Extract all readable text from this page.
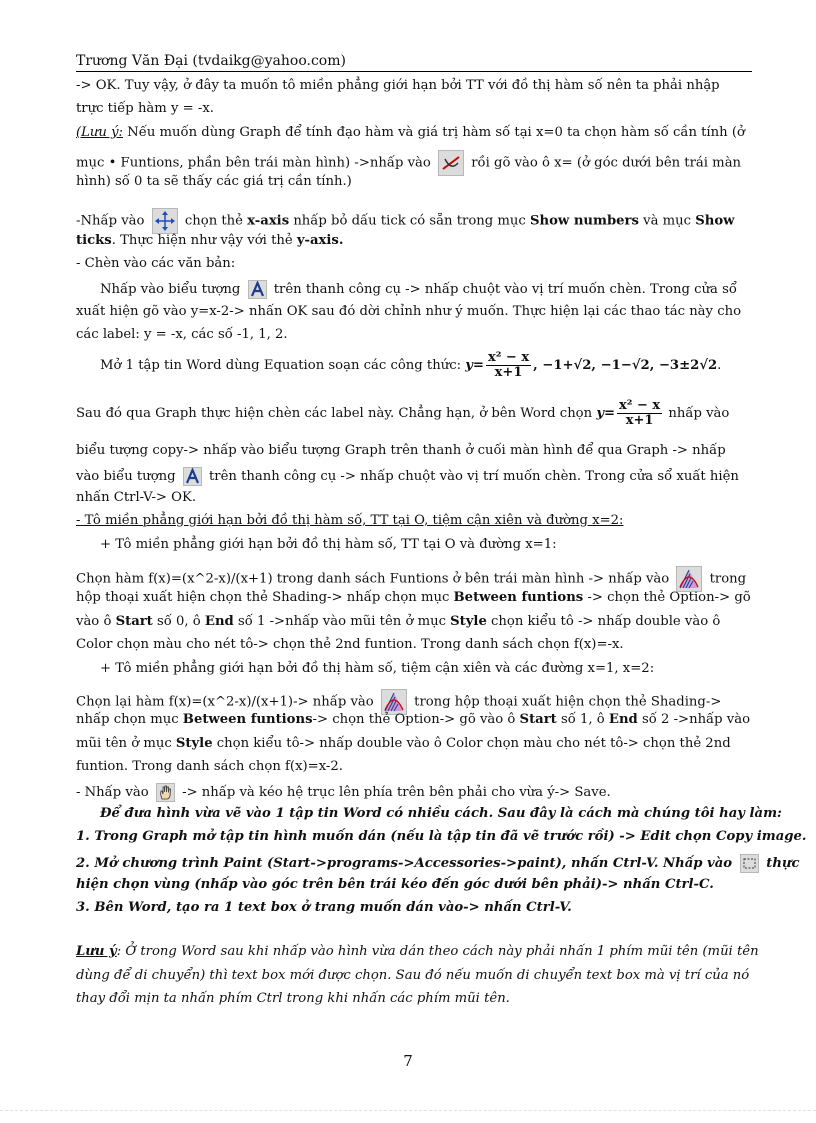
Trương Văn Đại (tvdaikg@yahoo.com)
-> OK. Tuy vậy, ở đây ta muốn tô miền phẳng giới hạn bởi TT với đồ thị hàm số nên ta phải nhập
trực tiếp hàm y = -x.
(Lưu ý: Nếu muốn dùng Graph để tính đạo hàm và giá trị hàm số tại x=0 ta chọn hàm số cần tính (ở
mục • Funtions, phần bên trái màn hình) ->nhấp vào	rồi gõ vào ô x= (ở góc dưới bên trái màn
hình) số 0 ta sẽ thấy các giá trị cần tính.)
-Nhấp vào	chọn thẻ x-axis nhấp bỏ dấu tick có sẵn trong mục Show numbers và mục Show
ticks. Thực hiện như vậy với thẻ y-axis.
- Chèn vào các văn bản:
Nhấp vào biểu tượng	trên thanh công cụ -> nhấp chuột vào vị trí muốn chèn. Trong cửa sổ
xuất hiện gõ vào y=x-2-> nhấn OK sau đó dời chỉnh như ý muốn. Thực hiện lại các thao tác này cho
các label: y = -x, các số -1, 1, 2.
Mở 1 tập tin Word dùng Equation soạn các công thức: $y= \frac{\text{x² − x}}{x+1}$ , −1+√2, −1−√2, −3±2√2.
Sau đó qua Graph thực hiện chèn các label này. Chẳng hạn, ở bên Word chọn $y= \frac{\text{x² − x}}{x+1}$ nhấp vào
biểu tượng copy-> nhấp vào biểu tượng Graph trên thanh ở cuối màn hình để qua Graph -> nhấp
vào biểu tượng	trên thanh công cụ -> nhấp chuột vào vị trí muốn chèn. Trong cửa sổ xuất hiện
nhấn Ctrl-V-> OK.
- Tô miền phẳng giới hạn bởi đồ thị hàm số, TT tại O, tiệm cận xiên và đường x=2:
+ Tô miền phẳng giới hạn bởi đồ thị hàm số, TT tại O và đường x=1:
Chọn hàm f(x)=(x^2-x)/(x+1) trong danh sách Funtions ở bên trái màn hình -> nhấp vào	trong
hộp thoại xuất hiện chọn thẻ Shading-> nhấp chọn mục Between funtions -> chọn thẻ Option-> gõ
vào ô Start số 0, ô End số 1 ->nhấp vào mũi tên ở mục Style chọn kiểu tô -> nhấp double vào ô
Color chọn màu cho nét tô-> chọn thẻ 2nd funtion. Trong danh sách chọn f(x)=-x.
+ Tô miền phẳng giới hạn bởi đồ thị hàm số, tiệm cận xiên và các đường x=1, x=2:
Chọn lại hàm f(x)=(x^2-x)/(x+1)-> nhấp vào	trong hộp thoại xuất hiện chọn thẻ Shading->
nhấp chọn mục Between funtions-> chọn thẻ Option-> gõ vào ô Start số 1, ô End số 2 ->nhấp vào
mũi tên ở mục Style chọn kiểu tô-> nhấp double vào ô Color chọn màu cho nét tô-> chọn thẻ 2nd
funtion. Trong danh sách chọn f(x)=x-2.
- Nhấp vào	-> nhấp và kéo hệ trục lên phía trên bên phải cho vừa ý-> Save.
Để đưa hình vừa vẽ vào 1 tập tin Word có nhiều cách. Sau đây là cách mà chúng tôi hay làm:
1. Trong Graph mở tập tin hình muốn dán (nếu là tập tin đã vẽ trước rồi) -> Edit chọn Copy image.
2. Mở chương trình Paint (Start->programs->Accessories->paint), nhấn Ctrl-V. Nhấp vào	thực
hiện chọn vùng (nhấp vào góc trên bên trái kéo đến góc dưới bên phải)-> nhấn Ctrl-C.
3. Bên Word, tạo ra 1 text box ở trang muốn dán vào-> nhấn Ctrl-V.
Lưu ý: Ở trong Word sau khi nhấp vào hình vừa dán theo cách này phải nhấn 1 phím mũi tên (mũi tên
dùng để di chuyển) thì text box mới được chọn. Sau đó nếu muốn di chuyển text box mà vị trí của nó
thay đổi mịn ta nhấn phím Ctrl trong khi nhấn các phím mũi tên.
7
